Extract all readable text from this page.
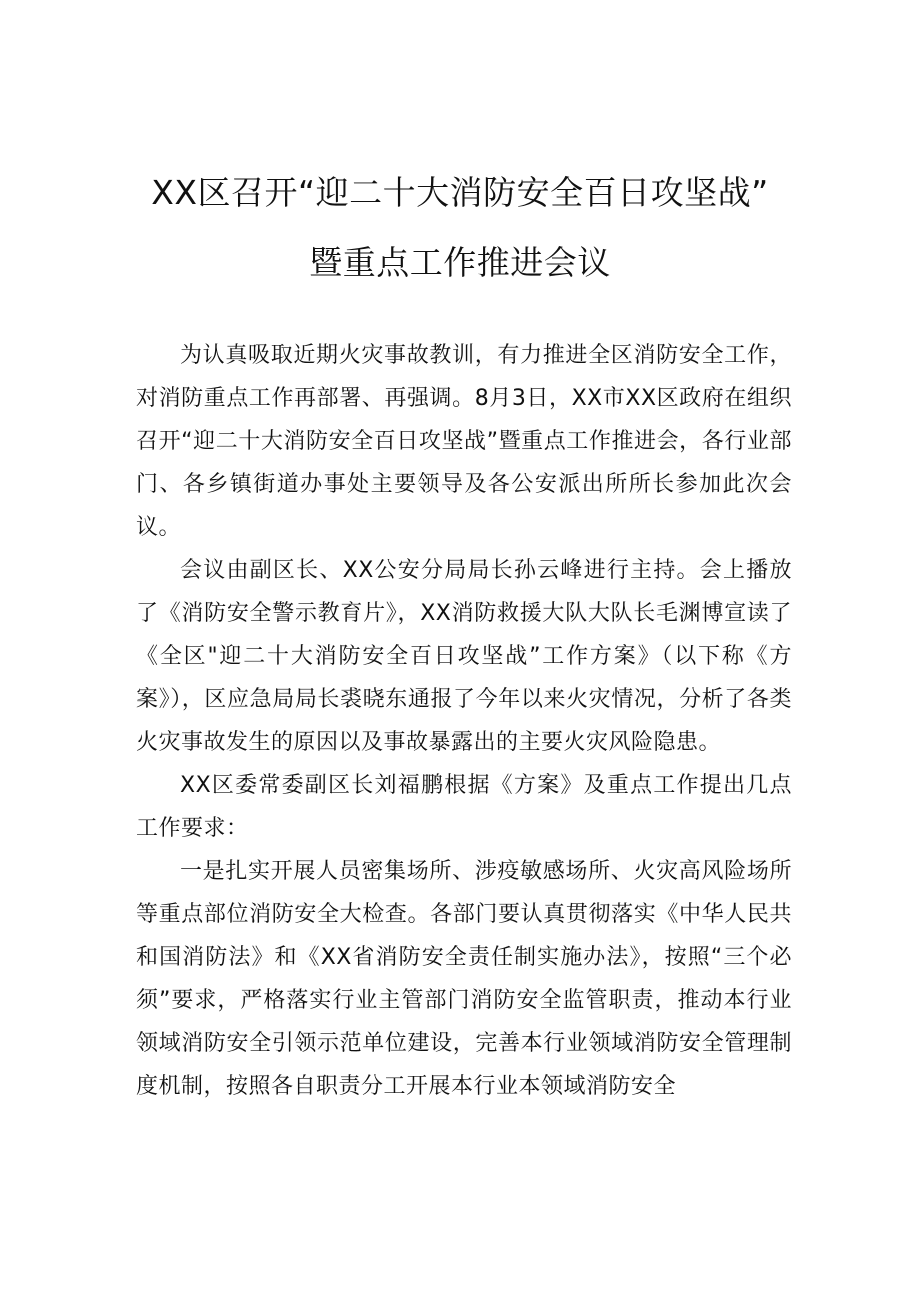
XX区召开“迎二十大消防安全百日攻坚战”
暨重点工作推进会议

为认真吸取近期火灾事故教训，有力推进全区消防安全工作，对消防重点工作再部署、再强调。8月3日，XX市XX区政府在组织召开“迎二十大消防安全百日攻坚战”暨重点工作推进会，各行业部门、各乡镇街道办事处主要领导及各公安派出所所长参加此次会议。

会议由副区长、XX公安分局局长孙云峰进行主持。会上播放了《消防安全警示教育片》，XX消防救援大队大队长毛渊博宣读了《全区"迎二十大消防安全百日攻坚战”工作方案》（以下称《方案》），区应急局局长裘晓东通报了今年以来火灾情况，分析了各类火灾事故发生的原因以及事故暴露出的主要火灾风险隐患。

XX区委常委副区长刘福鹏根据《方案》及重点工作提出几点工作要求：

一是扎实开展人员密集场所、涉疫敏感场所、火灾高风险场所等重点部位消防安全大检查。各部门要认真贯彻落实《中华人民共和国消防法》和《XX省消防安全责任制实施办法》，按照“三个必须”要求，严格落实行业主管部门消防安全监管职责，推动本行业领域消防安全引领示范单位建设，完善本行业领域消防安全管理制度机制，按照各自职责分工开展本行业本领域消防安全
